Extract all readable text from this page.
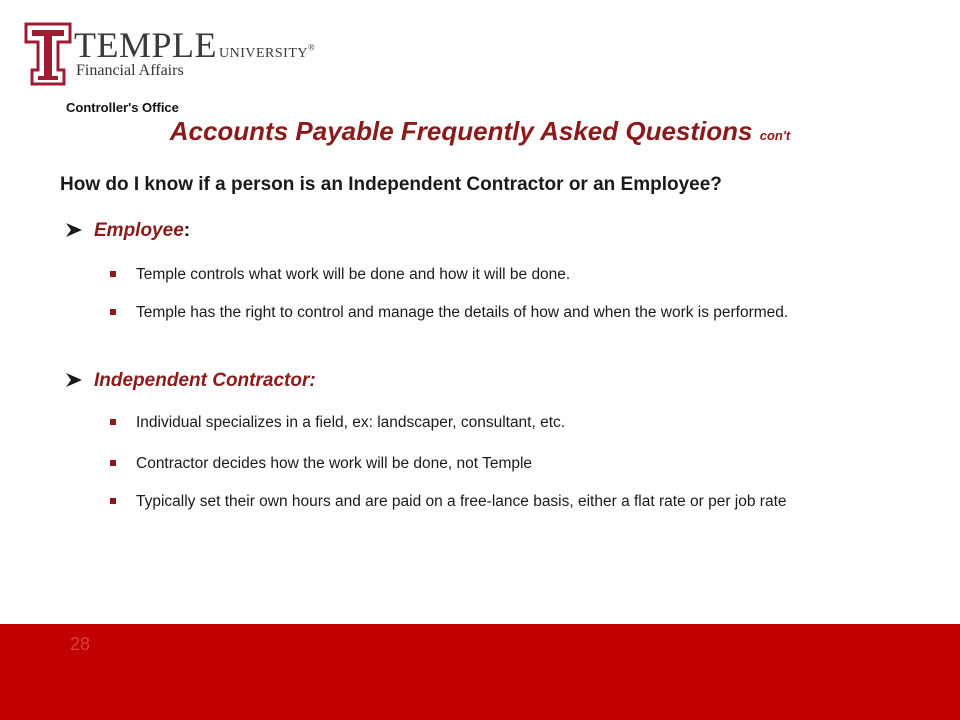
TEMPLE UNIVERSITY®
Financial Affairs
Controller's Office
Accounts Payable Frequently Asked Questions con't
How do I know if a person is an Independent Contractor or an Employee?
Employee:
Temple controls what work will be done and how it will be done.
Temple has the right to control and manage the details of how and when the work is performed.
Independent Contractor:
Individual specializes in a field, ex: landscaper, consultant, etc.
Contractor decides how the work will be done, not Temple
Typically set their own hours and are paid on a free-lance basis, either a flat rate or per job rate
28
